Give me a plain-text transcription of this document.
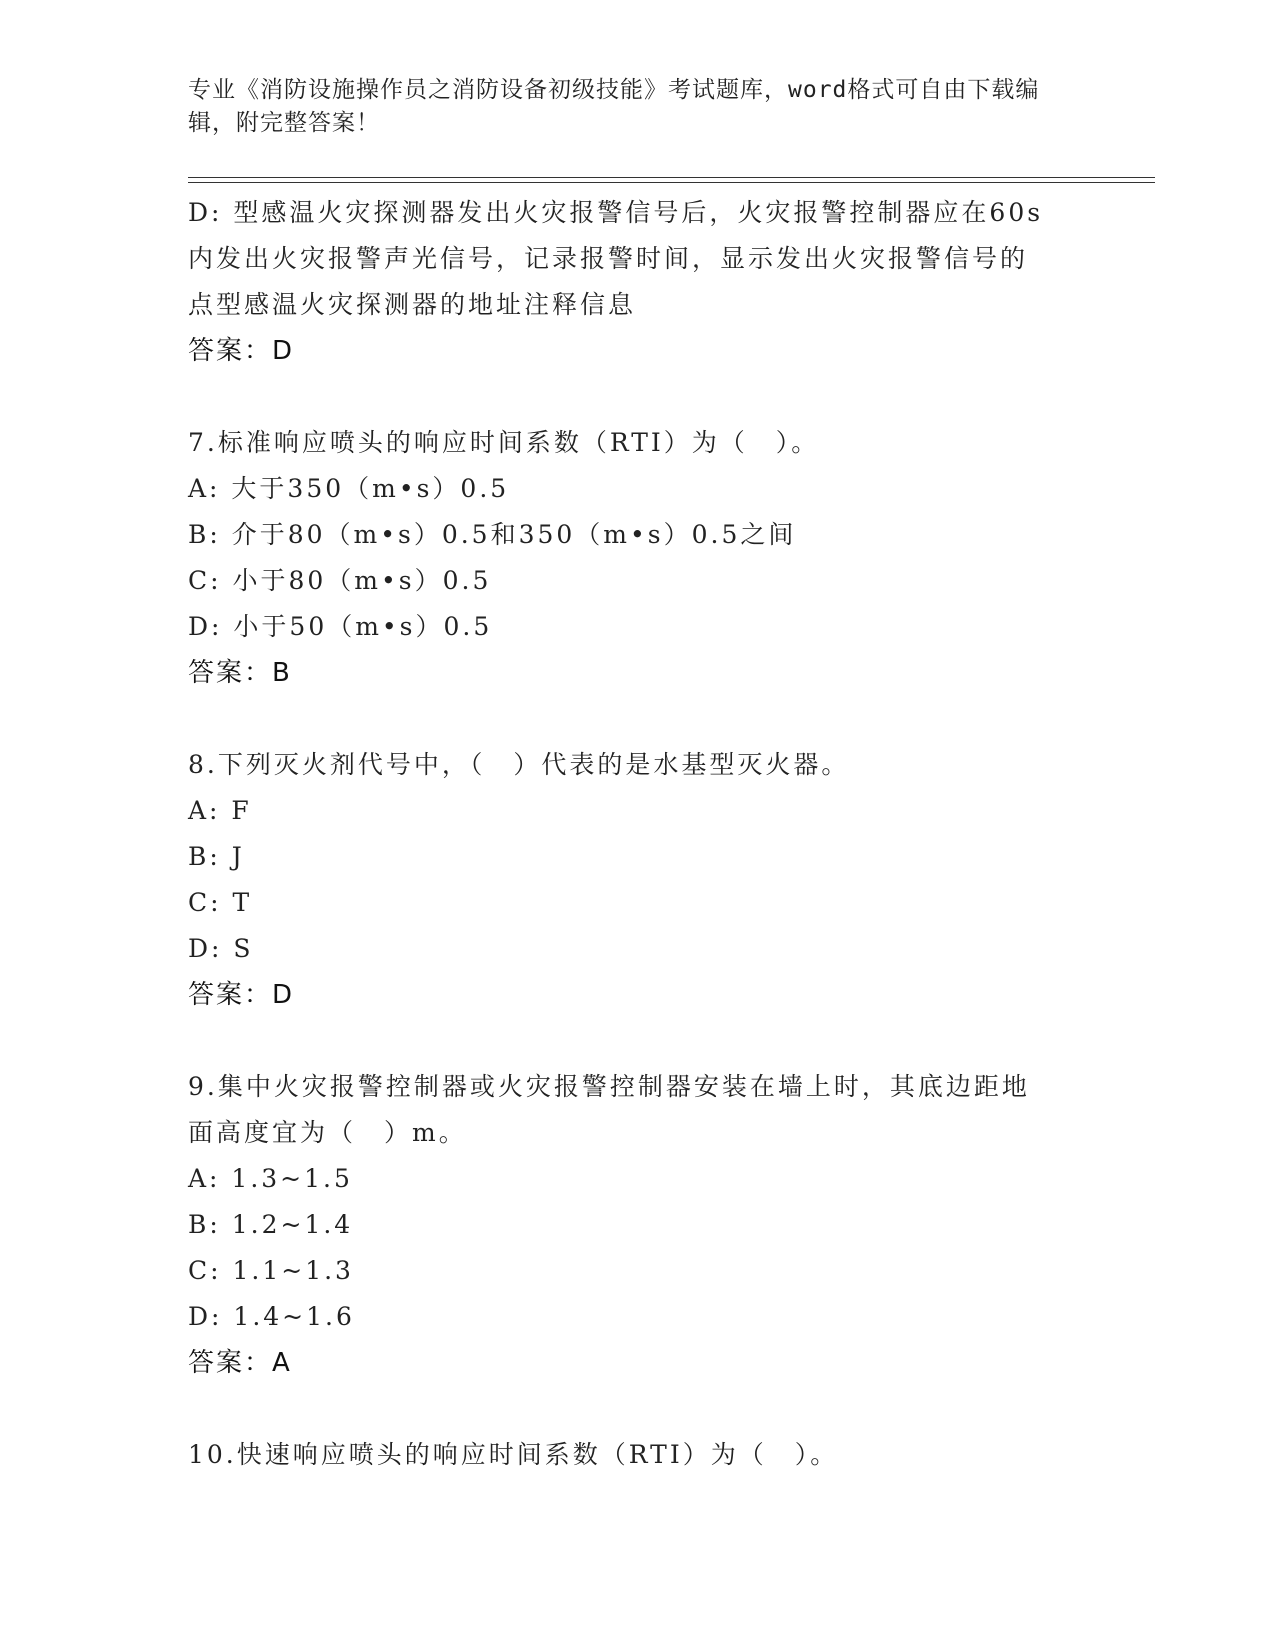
专业《消防设施操作员之消防设备初级技能》考试题库，word格式可自由下载编
辑，附完整答案！
D: 型感温火灾探测器发出火灾报警信号后，火灾报警控制器应在60s
内发出火灾报警声光信号，记录报警时间，显示发出火灾报警信号的
点型感温火灾探测器的地址注释信息
答案：D
7.标准响应喷头的响应时间系数（RTI）为（　）。
A: 大于350（m•s）0.5
B: 介于80（m•s）0.5和350（m•s）0.5之间
C: 小于80（m•s）0.5
D: 小于50（m•s）0.5
答案：B
8.下列灭火剂代号中，（　）代表的是水基型灭火器。
A: F
B: J
C: T
D: S
答案：D
9.集中火灾报警控制器或火灾报警控制器安装在墙上时，其底边距地
面高度宜为（　）m。
A: 1.3~1.5
B: 1.2~1.4
C: 1.1~1.3
D: 1.4~1.6
答案：A
10.快速响应喷头的响应时间系数（RTI）为（　）。
